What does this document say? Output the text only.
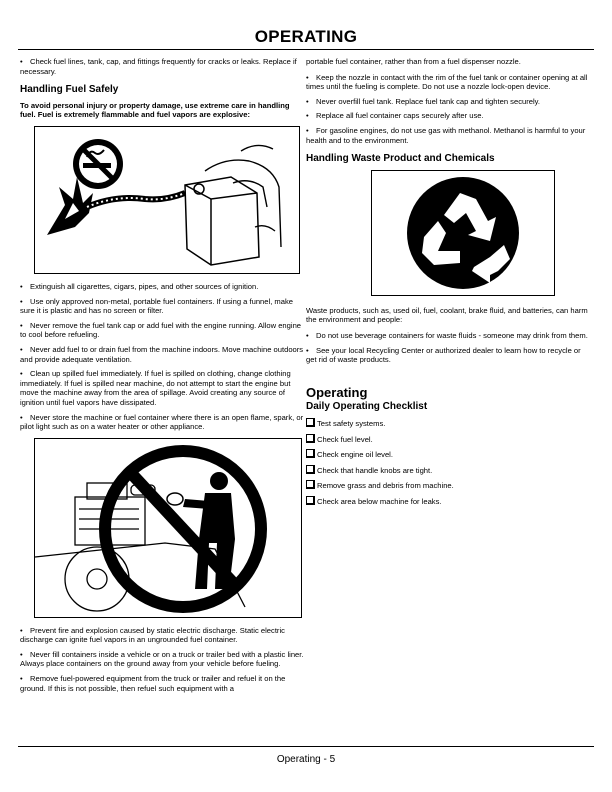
OPERATING
• Check fuel lines, tank, cap, and fittings frequently for cracks or leaks. Replace if necessary.
Handling Fuel Safely
To avoid personal injury or property damage, use extreme care in handling fuel. Fuel is extremely flammable and fuel vapors are explosive:
• Extinguish all cigarettes, cigars, pipes, and other sources of ignition.
• Use only approved non-metal, portable fuel containers. If using a funnel, make sure it is plastic and has no screen or filter.
• Never remove the fuel tank cap or add fuel with the engine running. Allow engine to cool before refueling.
• Never add fuel to or drain fuel from the machine indoors. Move machine outdoors and provide adequate ventilation.
• Clean up spilled fuel immediately. If fuel is spilled on clothing, change clothing immediately. If fuel is spilled near machine, do not attempt to start the engine but move the machine away from the area of spillage. Avoid creating any source of ignition until fuel vapors have dissipated.
• Never store the machine or fuel container where there is an open flame, spark, or pilot light such as on a water heater or other appliance.
• Prevent fire and explosion caused by static electric discharge. Static electric discharge can ignite fuel vapors in an ungrounded fuel container.
• Never fill containers inside a vehicle or on a truck or trailer bed with a plastic liner. Always place containers on the ground away from your vehicle before fueling.
• Remove fuel-powered equipment from the truck or trailer and refuel it on the ground. If this is not possible, then refuel such equipment with a
portable fuel container, rather than from a fuel dispenser nozzle.
• Keep the nozzle in contact with the rim of the fuel tank or container opening at all times until the fueling is complete. Do not use a nozzle lock-open device.
• Never overfill fuel tank. Replace fuel tank cap and tighten securely.
• Replace all fuel container caps securely after use.
• For gasoline engines, do not use gas with methanol. Methanol is harmful to your health and to the environment.
Handling Waste Product and Chemicals
Waste products, such as, used oil, fuel, coolant, brake fluid, and batteries, can harm the environment and people:
• Do not use beverage containers for waste fluids - someone may drink from them.
• See your local Recycling Center or authorized dealer to learn how to recycle or get rid of waste products.
Operating
Daily Operating Checklist
Test safety systems.
Check fuel level.
Check engine oil level.
Check that handle knobs are tight.
Remove grass and debris from machine.
Check area below machine for leaks.
Operating - 5
